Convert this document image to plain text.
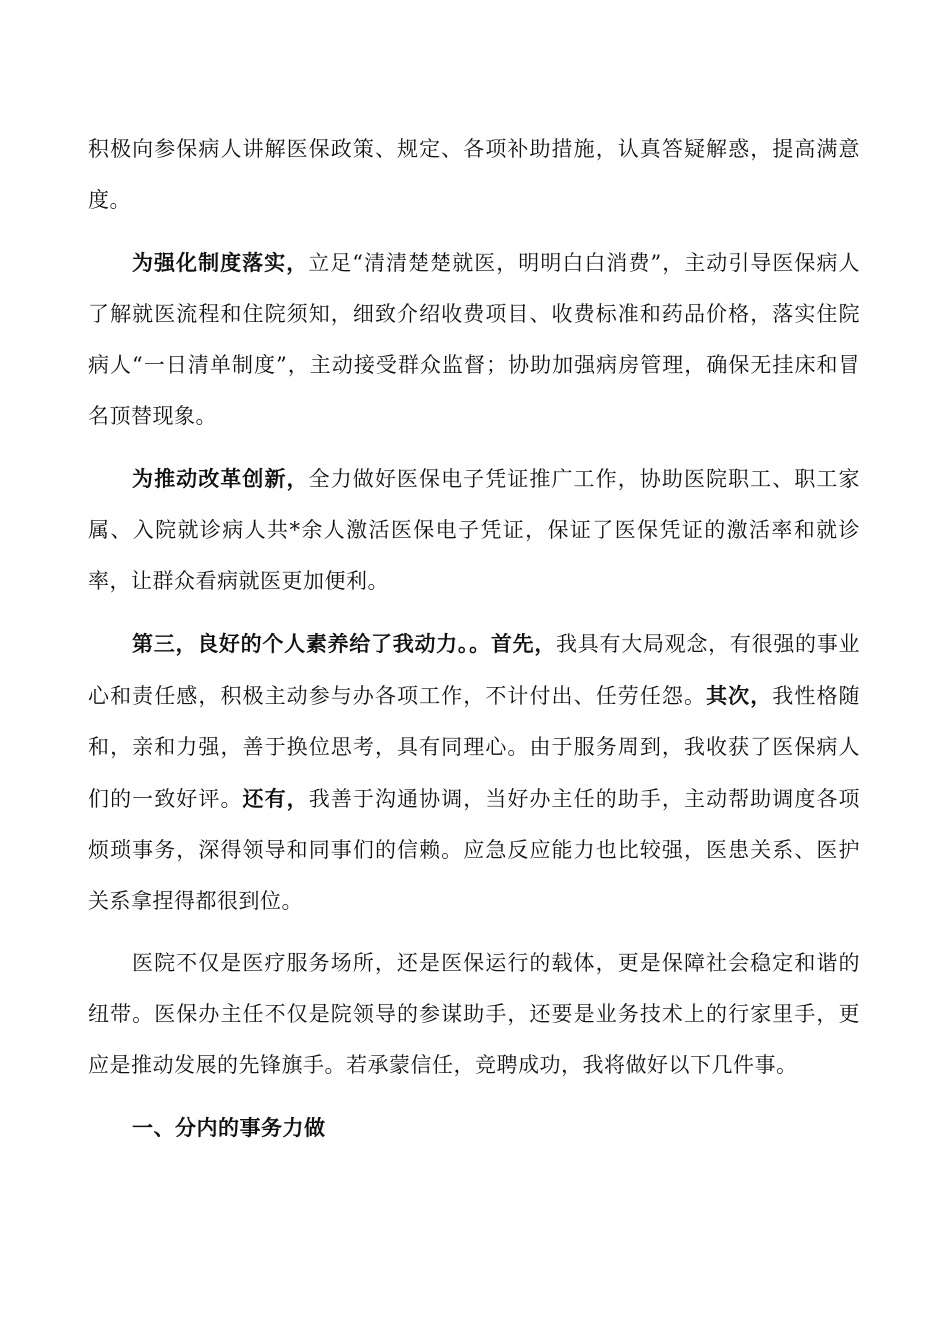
积极向参保病人讲解医保政策、规定、各项补助措施，认真答疑解惑，提高满意度。

为强化制度落实，立足“清清楚楚就医，明明白白消费”，主动引导医保病人了解就医流程和住院须知，细致介绍收费项目、收费标准和药品价格，落实住院病人“一日清单制度”，主动接受群众监督；协助加强病房管理，确保无挂床和冒名顶替现象。

为推动改革创新，全力做好医保电子凭证推广工作，协助医院职工、职工家属、入院就诊病人共*余人激活医保电子凭证，保证了医保凭证的激活率和就诊率，让群众看病就医更加便利。

第三，良好的个人素养给了我动力。。首先，我具有大局观念，有很强的事业心和责任感，积极主动参与办各项工作，不计付出、任劳任怨。其次，我性格随和，亲和力强，善于换位思考，具有同理心。由于服务周到，我收获了医保病人们的一致好评。还有，我善于沟通协调，当好办主任的助手，主动帮助调度各项烦琐事务，深得领导和同事们的信赖。应急反应能力也比较强，医患关系、医护关系拿捏得都很到位。

医院不仅是医疗服务场所，还是医保运行的载体，更是保障社会稳定和谐的纽带。医保办主任不仅是院领导的参谋助手，还要是业务技术上的行家里手，更应是推动发展的先锋旗手。若承蒙信任，竞聘成功，我将做好以下几件事。

一、分内的事务力做
